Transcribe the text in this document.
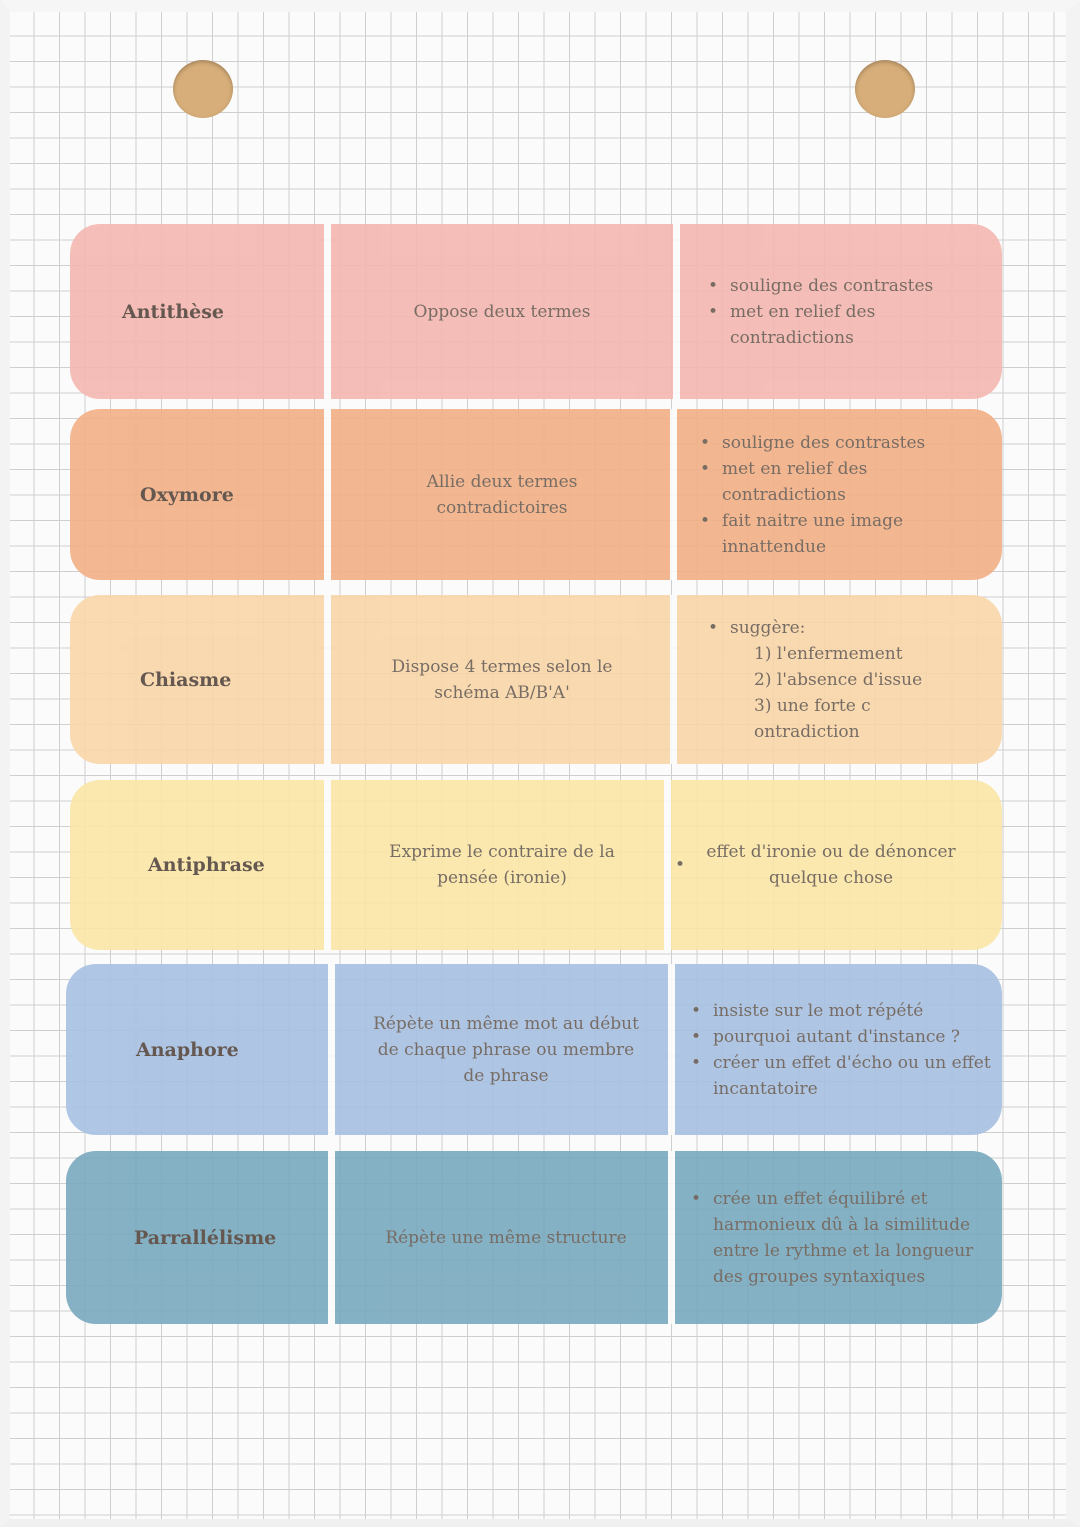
Antithèse	Oppose deux termes
• souligne des contrastes
• met en relief des contradictions
Oxymore
Allie deux termes contradictoires
• souligne des contrastes
• met en relief des contradictions
• fait naitre une image innattendue
Chiasme
Dispose 4 termes selon le schéma AB/B'A'
• suggère:
1) l'enfermement
2) l'absence d'issue
3) une forte c ontradiction
Antiphrase
Exprime le contraire de la pensée (ironie)
•
effet d'ironie ou de dénoncer quelque chose
Anaphore
Répète un même mot au début de chaque phrase ou membre de phrase
• insiste sur le mot répété
• pourquoi autant d'instance ?
• créer un effet d'écho ou un effet incantatoire
Parrallélisme	Répète une même structure
• crée un effet équilibré et harmonieux dû à la similitude entre le rythme et la longueur des groupes syntaxiques
